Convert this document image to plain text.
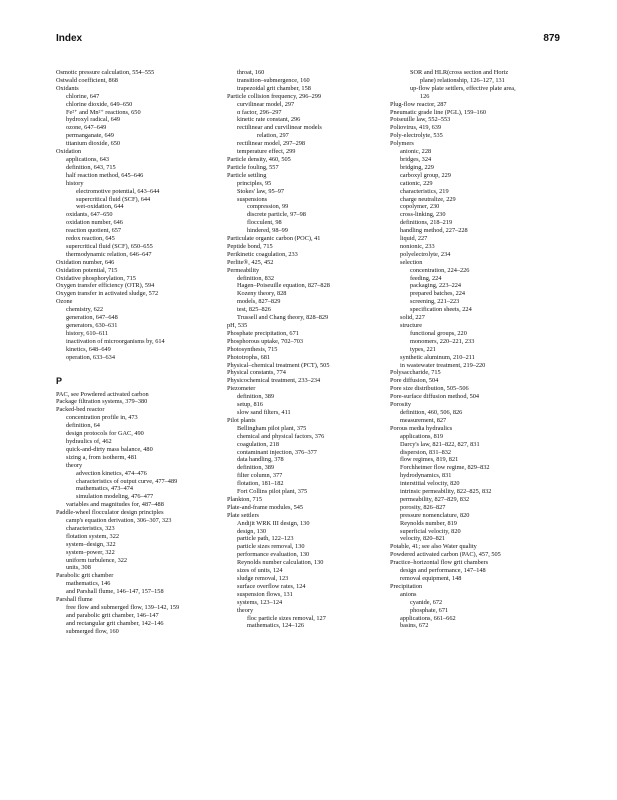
Index	879
Osmotic pressure calculation, 554–555
Ostwald coefficient, 868
Oxidants
chlorine, 647
chlorine dioxide, 649–650
Fe²⁺ and Mn²⁺ reactions, 650
hydroxyl radical, 649
ozone, 647–649
permanganate, 649
titanium dioxide, 650
Oxidation
applications, 643
definition, 643, 715
half reaction method, 645–646
history
electromotive potential, 643–644
supercritical fluid (SCF), 644
wet-oxidation, 644
oxidants, 647–650
oxidation number, 646
reaction quotient, 657
redox reaction, 645
supercritical fluid (SCF), 650–655
thermodynamic relation, 646–647
Oxidation number, 646
Oxidation potential, 715
Oxidative phosphorylation, 715
Oxygen transfer efficiency (OTR), 594
Oxygen transfer in activated sludge, 572
Ozone
chemistry, 622
generation, 647–648
generators, 630–631
history, 610–611
inactivation of microorganisms by, 614
kinetics, 648–649
operation, 633–634
P
PAC, see Powdered activated carbon
Package filtration systems, 379–380
Packed-bed reactor
concentration profile in, 473
definition, 64
design protocols for GAC, 490
hydraulics of, 462
quick-and-dirty mass balance, 480
sizing a, from isotherm, 481
theory
advection kinetics, 474–476
characteristics of output curve, 477–489
mathematics, 473–474
simulation modeling, 476–477
variables and magnitudes for, 487–488
Paddle-wheel flocculator design principles
camp's equation derivation, 306–307, 323
characteristics, 323
flotation system, 322
system–design, 322
system–power, 322
uniform turbulence, 322
units, 308
Parabolic grit chamber
mathematics, 146
and Parshall flume, 146–147, 157–158
Parshall flume
free flow and submerged flow, 139–142, 159
and parabolic grit chamber, 146–147
and rectangular grit chamber, 142–146
submerged flow, 160
throat, 160
transition–submergence, 160
trapezoidal grit chamber, 158
Particle collision frequency, 296–299
curvilinear model, 297
α factor, 296–297
kinetic rate constant, 296
rectilinear and curvilinear models
relation, 297
rectilinear model, 297–298
temperature effect, 299
Particle density, 460, 505
Particle fouling, 557
Particle settling
principles, 95
Stokes' law, 95–97
suspensions
compression, 99
discrete particle, 97–98
flocculent, 98
hindered, 98–99
Particulate organic carbon (POC), 41
Peptide bond, 715
Perikinetic coagulation, 233
Perlite®, 425, 452
Permeability
definition, 832
Hagen–Poiseuille equation, 827–828
Kozeny theory, 828
models, 827–829
test, 825–826
Trussell and Chang theory, 828–829
pH, 535
Phosphate precipitation, 671
Phosphorous uptake, 702–703
Photosynthesis, 715
Phototrophs, 681
Physical–chemical treatment (PCT), 505
Physical constants, 774
Physicochemical treatment, 233–234
Piezometer
definition, 389
setup, 816
slow sand filters, 411
Pilot plants
Bellingham pilot plant, 375
chemical and physical factors, 376
coagulation, 218
contaminant injection, 376–377
data handling, 378
definition, 389
filter column, 377
flotation, 181–182
Fort Collins pilot plant, 375
Plankton, 715
Plate-and-frame modules, 545
Plate settlers
Andijit WRK III design, 130
design, 130
particle path, 122–123
particle sizes removal, 130
performance evaluation, 130
Reynolds number calculation, 130
sizes of units, 124
sludge removal, 123
surface overflow rates, 124
suspension flows, 131
systems, 123–124
theory
floc particle sizes removal, 127
mathematics, 124–126
SOR and HLR(cross section and Horiz
plane) relationship, 126–127, 131
up-flow plate settlers, effective plate area,
126
Plug-flow reactor, 287
Pneumatic grade line (PGL), 159–160
Poiseuille law, 552–553
Poliovirus, 419, 639
Poly-electrolyte, 535
Polymers
anionic, 228
bridges, 324
bridging, 229
carboxyl group, 229
cationic, 229
characteristics, 219
charge neutralize, 229
copolymer, 230
cross-linking, 230
definitions, 218–219
handling method, 227–228
liquid, 227
nonionic, 233
polyelectrolyte, 234
selection
concentration, 224–226
feeding, 224
packaging, 223–224
prepared batches, 224
screening, 221–223
specification sheets, 224
solid, 227
structure
functional groups, 220
monomers, 220–221, 233
types, 221
synthetic aluminum, 210–211
in wastewater treatment, 219–220
Polysaccharide, 715
Pore diffusion, 504
Pore size distribution, 505–506
Pore-surface diffusion method, 504
Porosity
definition, 460, 506, 826
measurement, 827
Porous media hydraulics
applications, 819
Darcy's law, 821–822, 827, 831
dispersion, 831–832
flow regimes, 819, 821
Forchheimer flow regime, 829–832
hydrodynamics, 831
interstitial velocity, 820
intrinsic permeability, 822–825, 832
permeability, 827–829, 832
porosity, 826–827
pressure nomenclature, 820
Reynolds number, 819
superficial velocity, 820
velocity, 820–821
Potable, 41; see also Water quality
Powdered activated carbon (PAC), 457, 505
Practice–horizontal flow grit chambers
design and performance, 147–148
removal equipment, 148
Precipitation
anions
cyanide, 672
phosphate, 671
applications, 661–662
basins, 672
